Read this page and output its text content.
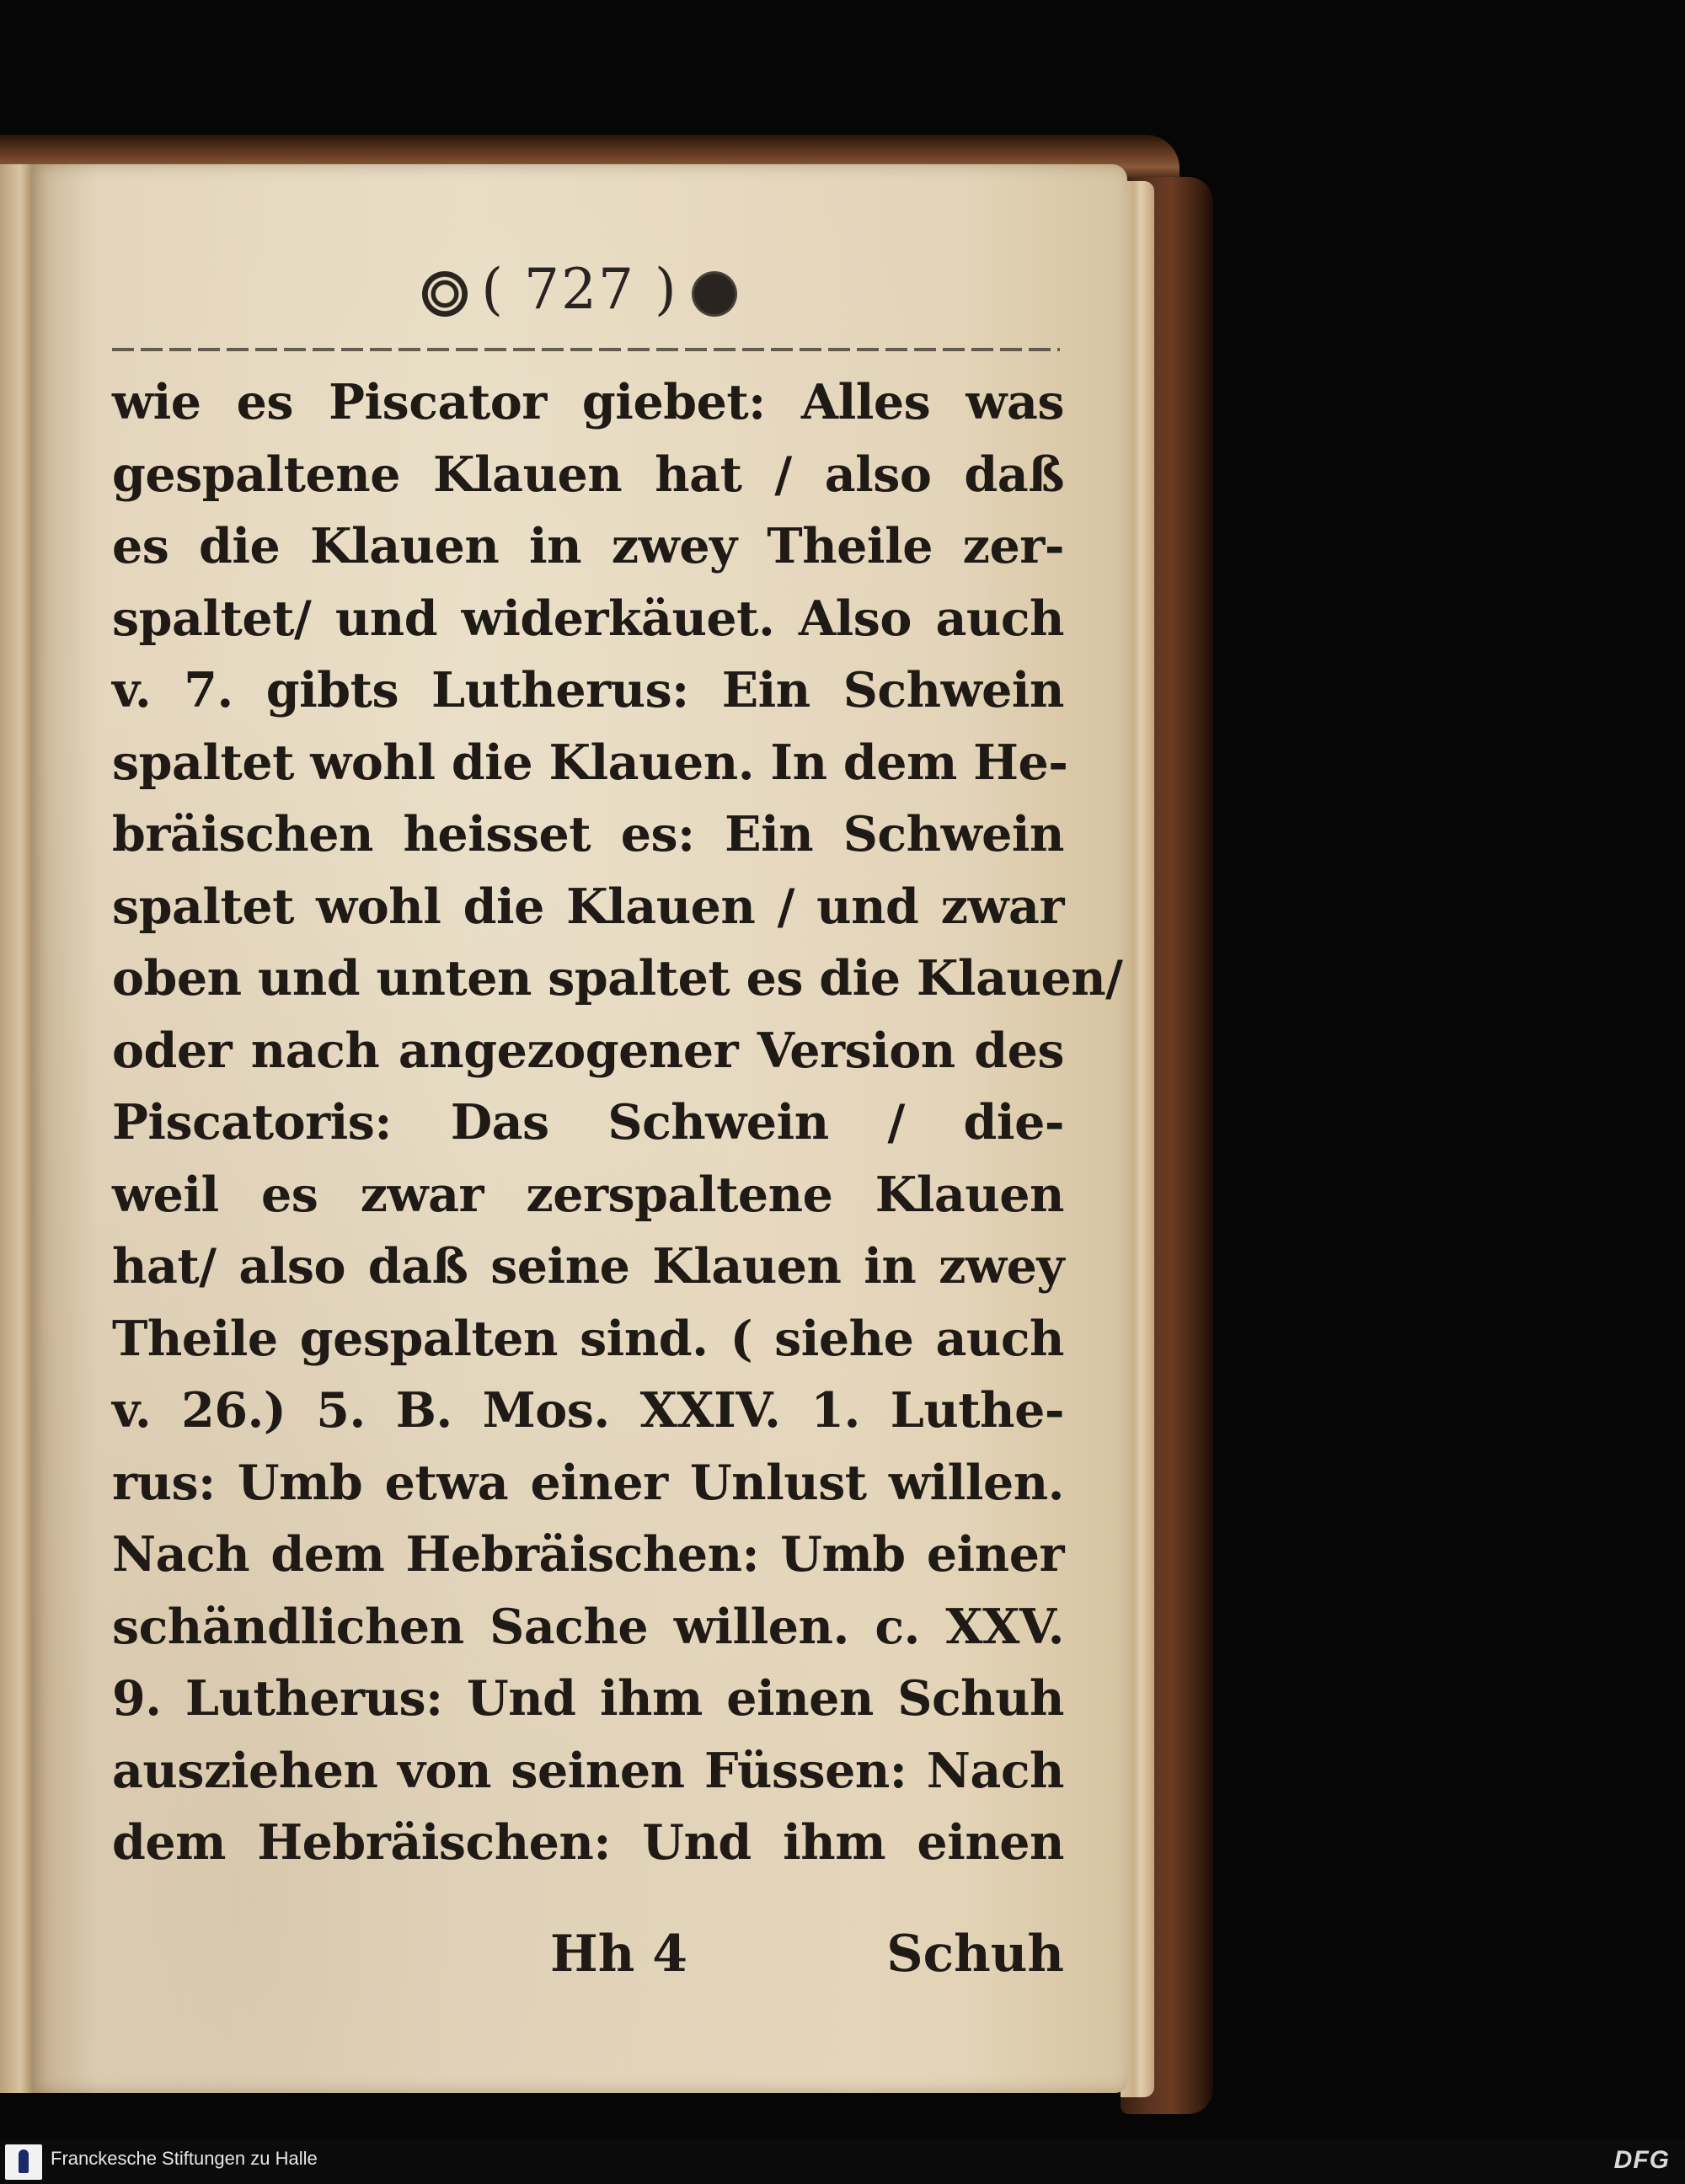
( 727 )
wie es Piscator giebet: Alles was
gespaltene Klauen hat / also daß
es die Klauen in zwey Theile zer-
spaltet/ und widerkäuet. Also auch
v. 7. gibts Lutherus: Ein Schwein
spaltet wohl die Klauen. In dem He-
bräischen heisset es: Ein Schwein
spaltet wohl die Klauen / und zwar
oben und unten spaltet es die Klauen/
oder nach angezogener Version des
Piscatoris: Das Schwein / die-
weil es zwar zerspaltene Klauen
hat/ also daß seine Klauen in zwey
Theile gespalten sind. ( siehe auch
v. 26.) 5. B. Mos. XXIV. 1. Luthe-
rus: Umb etwa einer Unlust willen.
Nach dem Hebräischen: Umb einer
schändlichen Sache willen. c. XXV.
9. Lutherus: Und ihm einen Schuh
ausziehen von seinen Füssen: Nach
dem Hebräischen: Und ihm einen
Hh 4	Schuh
Franckesche Stiftungen zu Halle	DFG
